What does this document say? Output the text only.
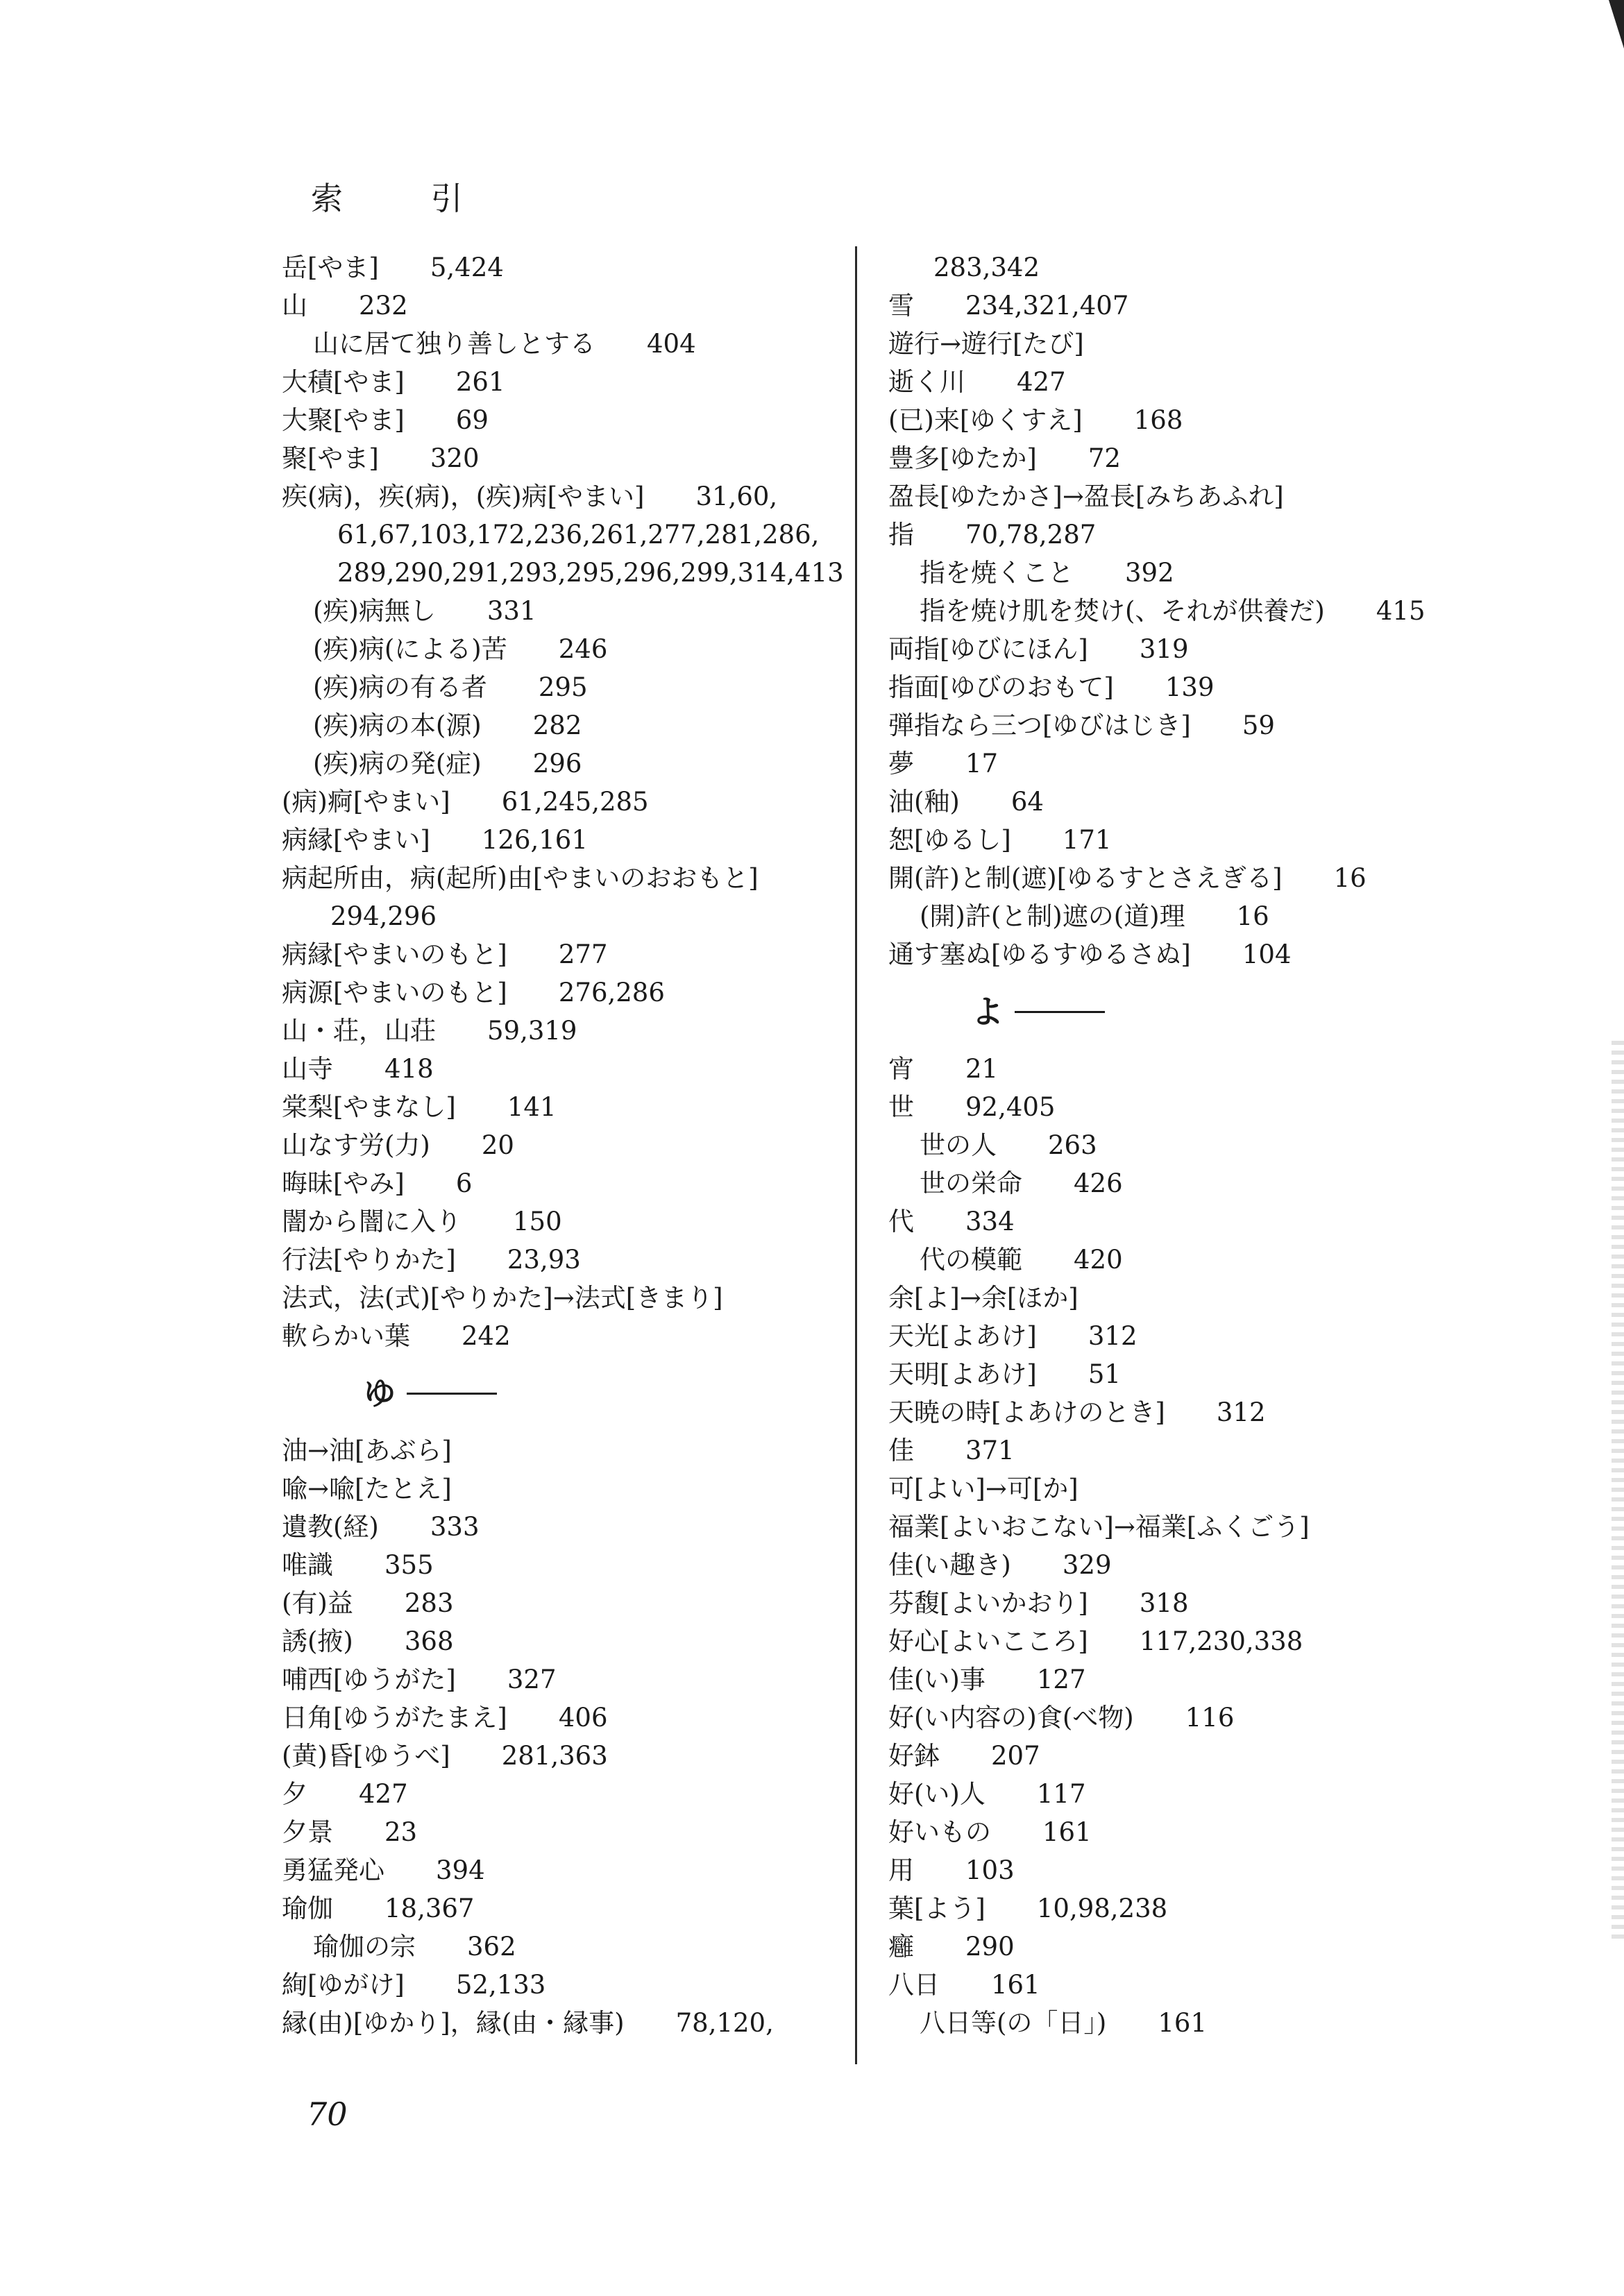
索 引
岳[やま]　　5,424
山　　232
山に居て独り善しとする　　404
大積[やま]　　261
大聚[やま]　　69
聚[やま]　　320
疾(病)，疾(病)，(疾)病[やまい]　　31,60,
61,67,103,172,236,261,277,281,286,
289,290,291,293,295,296,299,314,413
(疾)病無し　　331
(疾)病(による)苦　　246
(疾)病の有る者　　295
(疾)病の本(源)　　282
(疾)病の発(症)　　296
(病)痾[やまい]　　61,245,285
病縁[やまい]　　126,161
病起所由，病(起所)由[やまいのおおもと]
294,296
病縁[やまいのもと]　　277
病源[やまいのもと]　　276,286
山・荘，山荘　　59,319
山寺　　418
棠梨[やまなし]　　141
山なす労(力)　　20
晦昧[やみ]　　6
闇から闇に入り　　150
行法[やりかた]　　23,93
法式，法(式)[やりかた]→法式[きまり]
軟らかい葉　　242
ゆ
油→油[あぶら]
喩→喩[たとえ]
遺教(経)　　333
唯識　　355
(有)益　　283
誘(掖)　　368
哺西[ゆうがた]　　327
日角[ゆうがたまえ]　　406
(黄)昏[ゆうべ]　　281,363
夕　　427
夕景　　23
勇猛発心　　394
瑜伽　　18,367
瑜伽の宗　　362
絢[ゆがけ]　　52,133
縁(由)[ゆかり]，縁(由・縁事)　　78,120,
283,342
雪　　234,321,407
遊行→遊行[たび]
逝く川　　427
(已)来[ゆくすえ]　　168
豊多[ゆたか]　　72
盈長[ゆたかさ]→盈長[みちあふれ]
指　　70,78,287
指を焼くこと　　392
指を焼け肌を焚け(、それが供養だ)　　415
両指[ゆびにほん]　　319
指面[ゆびのおもて]　　139
弾指なら三つ[ゆびはじき]　　59
夢　　17
油(釉)　　64
恕[ゆるし]　　171
開(許)と制(遮)[ゆるすとさえぎる]　　16
(開)許(と制)遮の(道)理　　16
通す塞ぬ[ゆるすゆるさぬ]　　104
よ
宵　　21
世　　92,405
世の人　　263
世の栄命　　426
代　　334
代の模範　　420
余[よ]→余[ほか]
天光[よあけ]　　312
天明[よあけ]　　51
天暁の時[よあけのとき]　　312
佳　　371
可[よい]→可[か]
福業[よいおこない]→福業[ふくごう]
佳(い趣き)　　329
芬馥[よいかおり]　　318
好心[よいこころ]　　117,230,338
佳(い)事　　127
好(い内容の)食(べ物)　　116
好鉢　　207
好(い)人　　117
好いもの　　161
用　　103
葉[よう]　　10,98,238
癰　　290
八日　　161
八日等(の「日」)　　161
70
